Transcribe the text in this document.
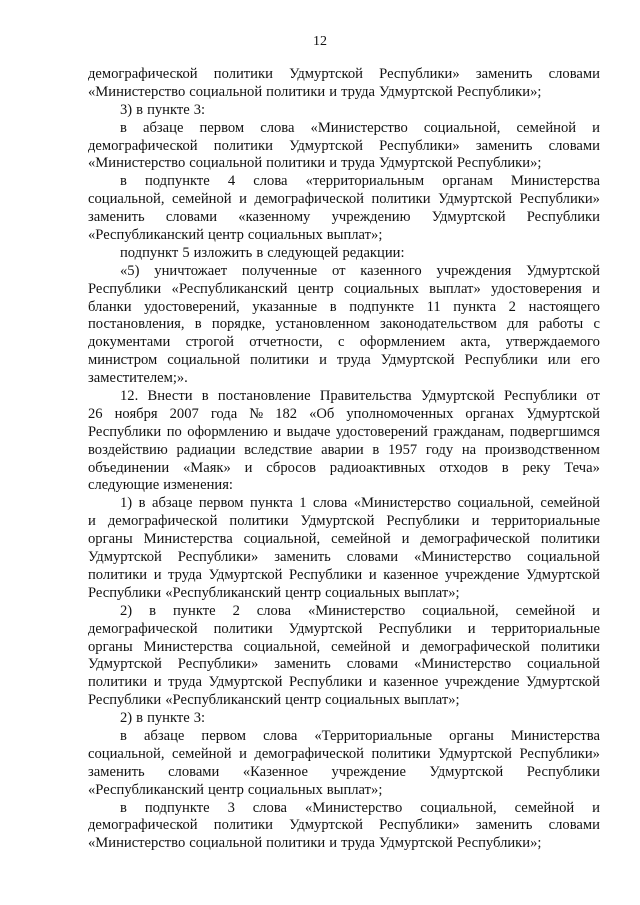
12
демографической политики Удмуртской Республики» заменить словами
«Министерство социальной политики и труда Удмуртской Республики»;
3) в пункте 3:
в абзаце первом слова «Министерство социальной, семейной и
демографической политики Удмуртской Республики» заменить словами
«Министерство социальной политики и труда Удмуртской Республики»;
в подпункте 4 слова «территориальным органам Министерства
социальной, семейной и демографической политики Удмуртской Республики»
заменить словами «казенному учреждению Удмуртской Республики
«Республиканский центр социальных выплат»;
подпункт 5 изложить в следующей редакции:
«5) уничтожает полученные от казенного учреждения Удмуртской
Республики «Республиканский центр социальных выплат» удостоверения и
бланки удостоверений, указанные в подпункте 11 пункта 2 настоящего
постановления, в порядке, установленном законодательством для работы с
документами строгой отчетности, с оформлением акта, утверждаемого
министром социальной политики и труда Удмуртской Республики или его
заместителем;».
12. Внести в постановление Правительства Удмуртской Республики от
26 ноября 2007 года № 182 «Об уполномоченных органах Удмуртской
Республики по оформлению и выдаче удостоверений гражданам, подвергшимся
воздействию радиации вследствие аварии в 1957 году на производственном
объединении «Маяк» и сбросов радиоактивных отходов в реку Теча»
следующие изменения:
1) в абзаце первом пункта 1 слова «Министерство социальной, семейной
и демографической политики Удмуртской Республики и территориальные
органы Министерства социальной, семейной и демографической политики
Удмуртской Республики» заменить словами «Министерство социальной
политики и труда Удмуртской Республики и казенное учреждение Удмуртской
Республики «Республиканский центр социальных выплат»;
2) в пункте 2 слова «Министерство социальной, семейной и
демографической политики Удмуртской Республики и территориальные
органы Министерства социальной, семейной и демографической политики
Удмуртской Республики» заменить словами «Министерство социальной
политики и труда Удмуртской Республики и казенное учреждение Удмуртской
Республики «Республиканский центр социальных выплат»;
2) в пункте 3:
в абзаце первом слова «Территориальные органы Министерства
социальной, семейной и демографической политики Удмуртской Республики»
заменить словами «Казенное учреждение Удмуртской Республики
«Республиканский центр социальных выплат»;
в подпункте 3 слова «Министерство социальной, семейной и
демографической политики Удмуртской Республики» заменить словами
«Министерство социальной политики и труда Удмуртской Республики»;
